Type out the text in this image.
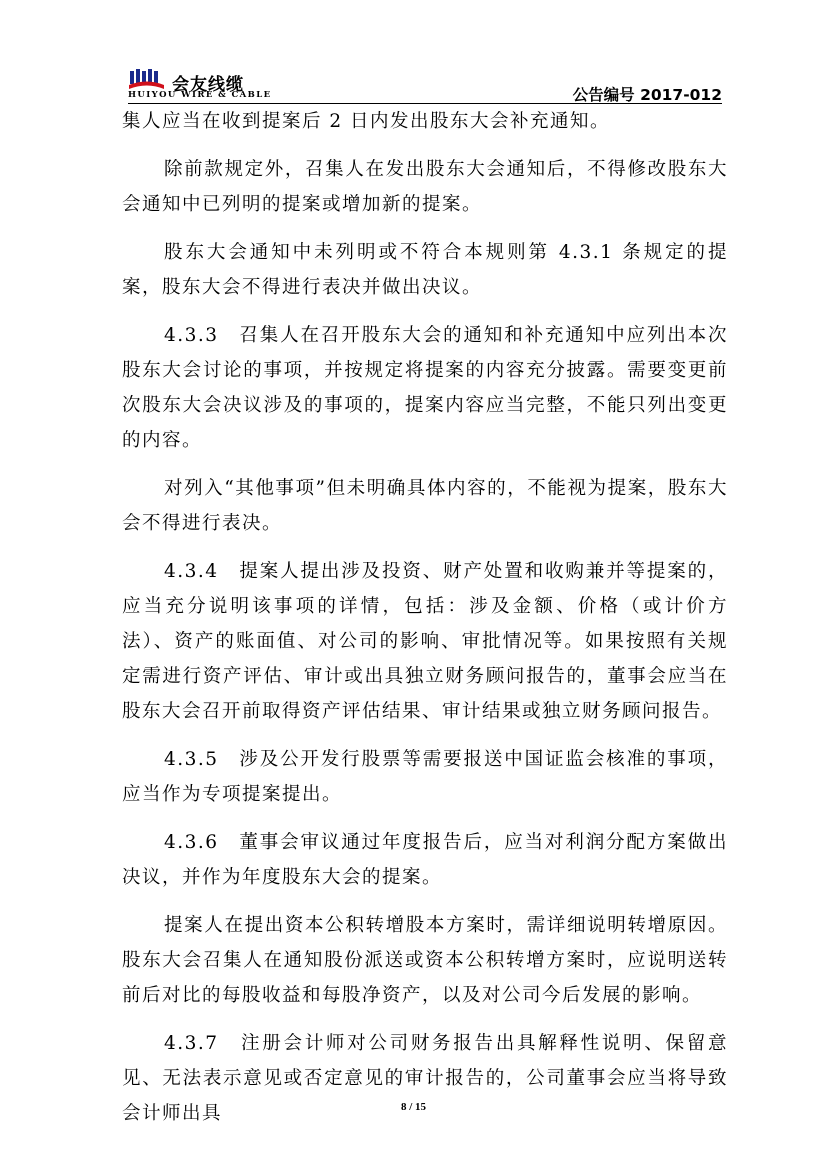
会友线缆
HUIYOU WIRE & CABLE	公告编号 2017-012

集人应当在收到提案后 2 日内发出股东大会补充通知。

除前款规定外，召集人在发出股东大会通知后，不得修改股东大会通知中已列明的提案或增加新的提案。

股东大会通知中未列明或不符合本规则第 4.3.1 条规定的提案，股东大会不得进行表决并做出决议。

4.3.3　召集人在召开股东大会的通知和补充通知中应列出本次股东大会讨论的事项，并按规定将提案的内容充分披露。需要变更前次股东大会决议涉及的事项的，提案内容应当完整，不能只列出变更的内容。

对列入“其他事项”但未明确具体内容的，不能视为提案，股东大会不得进行表决。

4.3.4　提案人提出涉及投资、财产处置和收购兼并等提案的，应当充分说明该事项的详情，包括：涉及金额、价格（或计价方法）、资产的账面值、对公司的影响、审批情况等。如果按照有关规定需进行资产评估、审计或出具独立财务顾问报告的，董事会应当在股东大会召开前取得资产评估结果、审计结果或独立财务顾问报告。

4.3.5　涉及公开发行股票等需要报送中国证监会核准的事项，应当作为专项提案提出。

4.3.6　董事会审议通过年度报告后，应当对利润分配方案做出决议，并作为年度股东大会的提案。

提案人在提出资本公积转增股本方案时，需详细说明转增原因。股东大会召集人在通知股份派送或资本公积转增方案时，应说明送转前后对比的每股收益和每股净资产，以及对公司今后发展的影响。

4.3.7　注册会计师对公司财务报告出具解释性说明、保留意见、无法表示意见或否定意见的审计报告的，公司董事会应当将导致会计师出具	8 / 15
